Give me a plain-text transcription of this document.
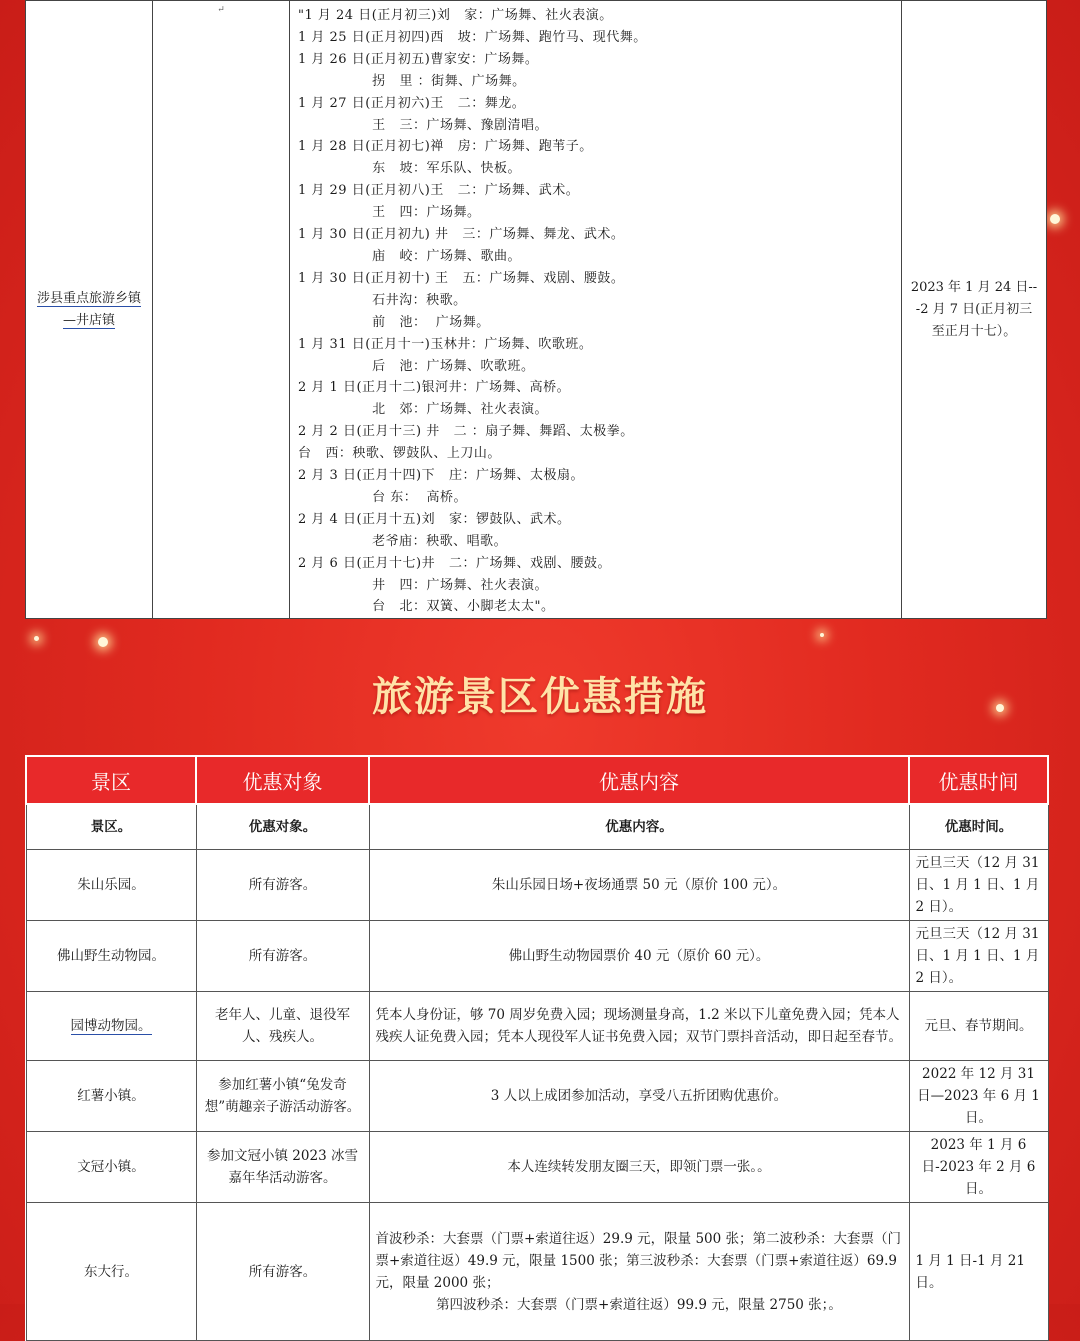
涉县重点旅游乡镇—井店镇	↵	"1 月 24 日(正月初三)刘   家：广场舞、社火表演。
1 月 25 日(正月初四)西   坡：广场舞、跑竹马、现代舞。
1 月 26 日(正月初五)曹家安：广场舞。
拐   里 ：街舞、广场舞。
1 月 27 日(正月初六)王   二：舞龙。
王   三：广场舞、豫剧清唱。
1 月 28 日(正月初七)禅   房：广场舞、跑苇子。
东   坡：军乐队、快板。
1 月 29 日(正月初八)王   二：广场舞、武术。
王   四：广场舞。
1 月 30 日(正月初九) 井   三：广场舞、舞龙、武术。
庙   峧：广场舞、歌曲。
1 月 30 日(正月初十) 王   五：广场舞、戏剧、腰鼓。
石井沟：秧歌。
前   池：  广场舞。
1 月 31 日(正月十一)玉林井：广场舞、吹歌班。
后   池：广场舞、吹歌班。
2 月 1 日(正月十二)银河井：广场舞、高桥。
北   郊：广场舞、社火表演。
2 月 2 日(正月十三) 井   二 ：扇子舞、舞蹈、太极拳。
台   西：秧歌、锣鼓队、上刀山。
2 月 3 日(正月十四)下   庄：广场舞、太极扇。
台 东：  高桥。
2 月 4 日(正月十五)刘   家：锣鼓队、武术。
老爷庙：秧歌、唱歌。
2 月 6 日(正月十七)井   二：广场舞、戏剧、腰鼓。
井   四：广场舞、社火表演。
台   北：双簧、小脚老太太"。
	2023 年 1 月 24 日---2 月 7 日(正月初三至正月十七）。
旅游景区优惠措施
景区	优惠对象	优惠内容	优惠时间
景区。	优惠对象。	优惠内容。	优惠时间。
朱山乐园。	所有游客。	朱山乐园日场+夜场通票 50 元（原价 100 元）。	元旦三天（12 月 31 日、1 月 1 日、1 月 2 日）。
佛山野生动物园。	所有游客。	佛山野生动物园票价 40 元（原价 60 元）。	元旦三天（12 月 31 日、1 月 1 日、1 月 2 日）。
园博动物园。	老年人、儿童、退役军人、残疾人。	凭本人身份证，够 70 周岁免费入园；现场测量身高，1.2 米以下儿童免费入园；凭本人残疾人证免费入园；凭本人现役军人证书免费入园；双节门票抖音活动，即日起至春节。	元旦、春节期间。
红薯小镇。	参加红薯小镇“兔发奇想”萌趣亲子游活动游客。	3 人以上成团参加活动，享受八五折团购优惠价。	2022 年 12 月 31 日—2023 年 6 月 1 日。
文冠小镇。	参加文冠小镇 2023 冰雪嘉年华活动游客。	本人连续转发朋友圈三天，即领门票一张。。	2023 年 1 月 6 日-2023 年 2 月 6 日。
东大行。	所有游客。	首波秒杀：大套票（门票+索道往返）29.9 元，限量 500 张；第二波秒杀：大套票（门票+索道往返）49.9 元，限量 1500 张；第三波秒杀：大套票（门票+索道往返）69.9 元，限量 2000 张；
第四波秒杀：大套票（门票+索道往返）99.9 元，限量 2750 张；。	1 月 1 日-1 月 21 日。
